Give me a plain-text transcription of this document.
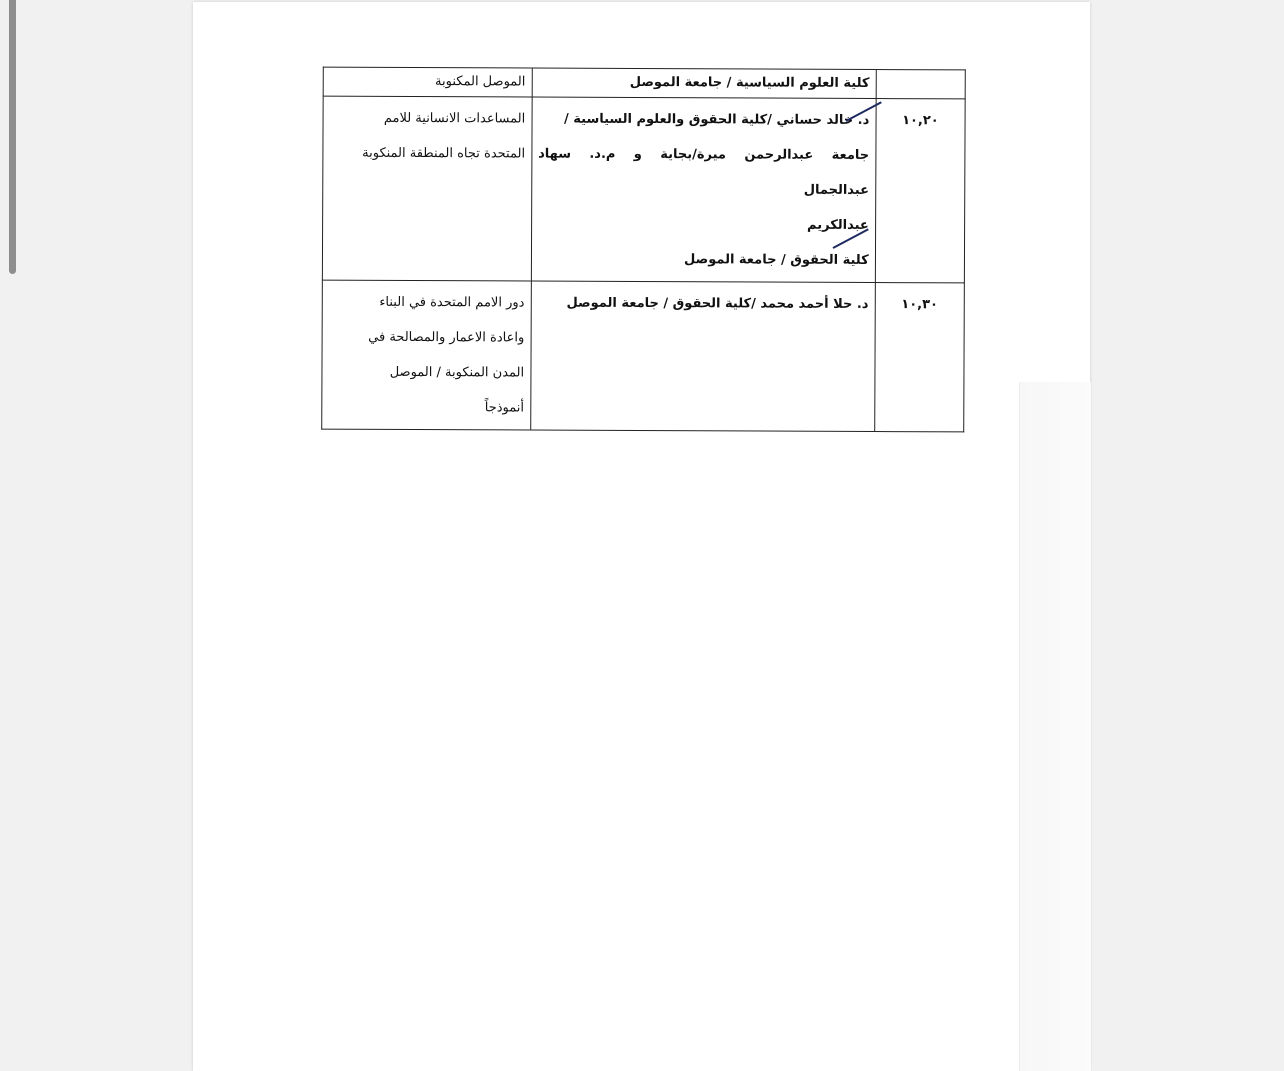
	كلية العلوم السياسية / جامعة الموصل	الموصل المكنوبة

١٠,٢٠	د. خالد حساني /كلية الحقوق والعلوم السياسية /
جامعة عبدالرحمن ميرة/بجاية و م.د. سهاد عبدالجمال
عبدالكريم
كلية الحقوق / جامعة الموصل	المساعدات الانسانية للامم
المتحدة تجاه المنطقة المنكوبة

١٠,٣٠	د. حلا أحمد محمد /كلية الحقوق / جامعة الموصل	دور الامم المتحدة في البناء
واعادة الاعمار والمصالحة في
المدن المنكوبة / الموصل
أنموذجاً
